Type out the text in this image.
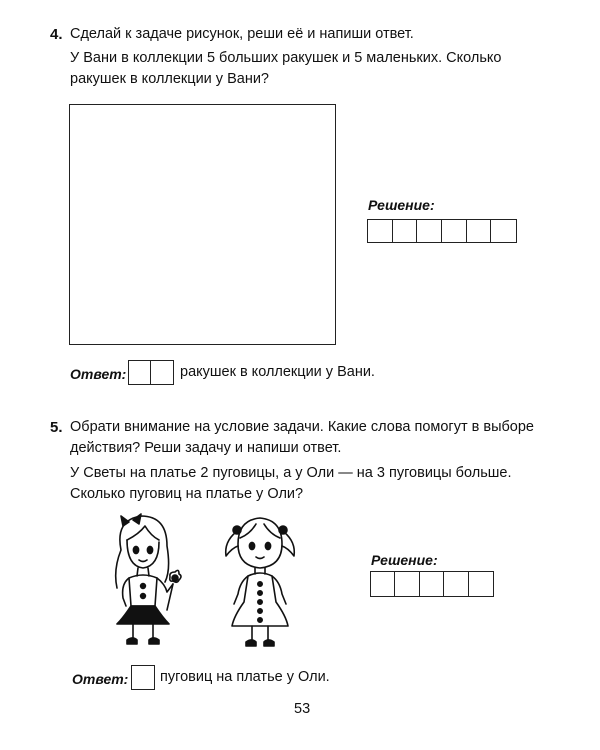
4. Сделай к задаче рисунок, реши её и напиши ответ.
У Вани в коллекции 5 больших ракушек и 5 маленьких. Сколько
ракушек в коллекции у Вани?
Решение:
Ответ:	ракушек в коллекции у Вани.
5. Обрати внимание на условие задачи. Какие слова помогут в выборе
действия? Реши задачу и напиши ответ.
У Светы на платье 2 пуговицы, а у Оли — на 3 пуговицы больше.
Сколько пуговиц на платье у Оли?
Решение:
Ответ: пуговиц на платье у Оли.
53
